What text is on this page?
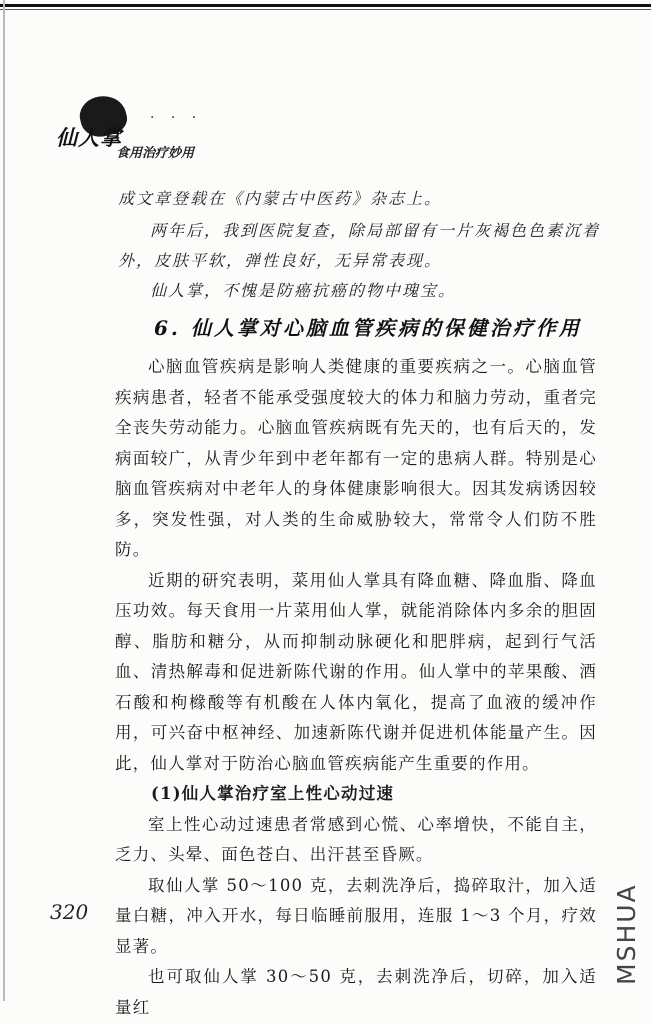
· · ·
仙人掌
食用治疗妙用
成文章登载在《内蒙古中医药》杂志上。
两年后，我到医院复查，除局部留有一片灰褐色色素沉着
外，皮肤平软，弹性良好，无异常表现。
仙人掌，不愧是防癌抗癌的物中瑰宝。
6. 仙人掌对心脑血管疾病的保健治疗作用

心脑血管疾病是影响人类健康的重要疾病之一。心脑血管疾病患者，轻者不能承受强度较大的体力和脑力劳动，重者完全丧失劳动能力。心脑血管疾病既有先天的，也有后天的，发病面较广，从青少年到中老年都有一定的患病人群。特别是心脑血管疾病对中老年人的身体健康影响很大。因其发病诱因较多，突发性强，对人类的生命威胁较大，常常令人们防不胜防。

近期的研究表明，菜用仙人掌具有降血糖、降血脂、降血压功效。每天食用一片菜用仙人掌，就能消除体内多余的胆固醇、脂肪和糖分，从而抑制动脉硬化和肥胖病，起到行气活血、清热解毒和促进新陈代谢的作用。仙人掌中的苹果酸、酒石酸和枸橼酸等有机酸在人体内氧化，提高了血液的缓冲作用，可兴奋中枢神经、加速新陈代谢并促进机体能量产生。因此，仙人掌对于防治心脑血管疾病能产生重要的作用。

(1)仙人掌治疗室上性心动过速

室上性心动过速患者常感到心慌、心率增快，不能自主，乏力、头晕、面色苍白、出汗甚至昏厥。

取仙人掌 50～100 克，去刺洗净后，捣碎取汁，加入适量白糖，冲入开水，每日临睡前服用，连服 1～3 个月，疗效显著。

也可取仙人掌 30～50 克，去刺洗净后，切碎，加入适量红

320	MSHUA
